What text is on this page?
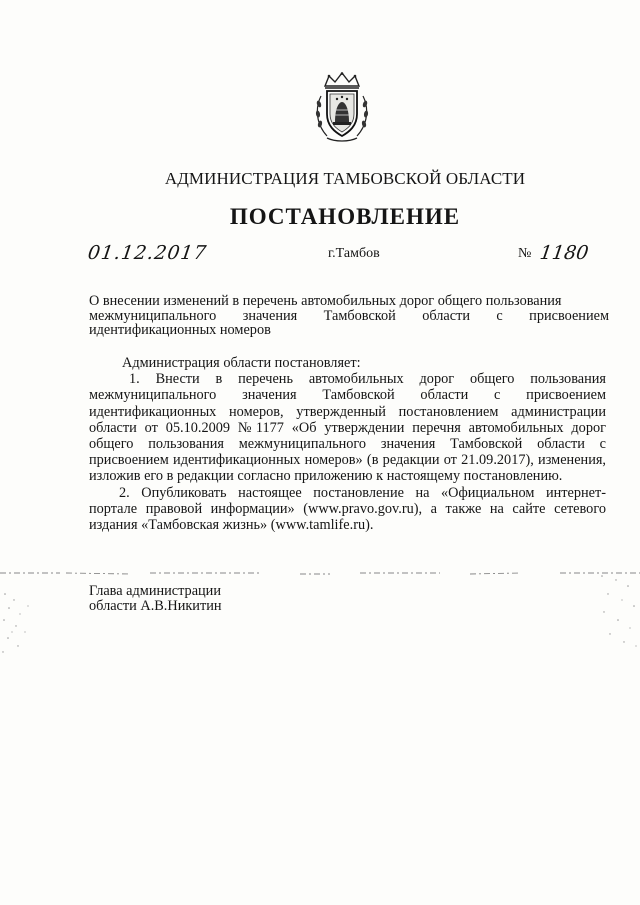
АДМИНИСТРАЦИЯ ТАМБОВСКОЙ ОБЛАСТИ
ПОСТАНОВЛЕНИЕ
01.12.2017	г.Тамбов	№ 1180
О внесении изменений в перечень автомобильных дорог общего пользования
межмуниципального значения Тамбовской области с присвоением
идентификационных номеров

Администрация области постановляет:

1. Внести в перечень автомобильных дорог общего пользования межмуниципального значения Тамбовской области с присвоением идентификационных номеров, утвержденный постановлением администрации области от 05.10.2009 №1177 «Об утверждении перечня автомобильных дорог общего пользования межмуниципального значения Тамбовской области с присвоением идентификационных номеров» (в редакции от 21.09.2017), изменения, изложив его в редакции согласно приложению к настоящему постановлению.

2. Опубликовать настоящее постановление на «Официальном интернет-портале правовой информации» (www.pravo.gov.ru), а также на сайте сетевого издания «Тамбовская жизнь» (www.tamlife.ru).

Глава администрации
области А.В.Никитин
